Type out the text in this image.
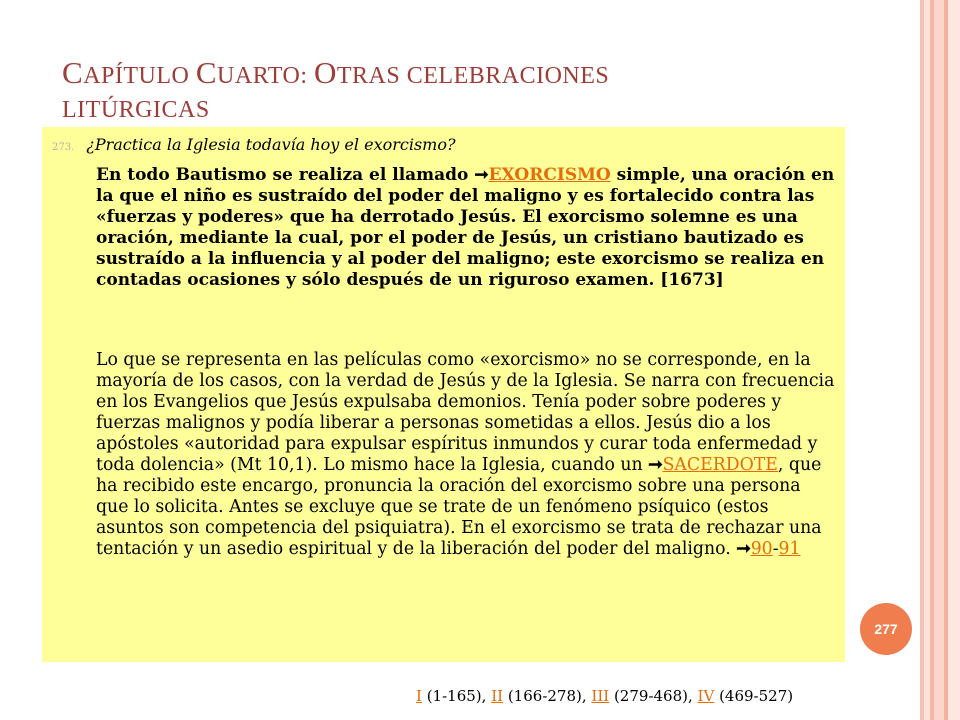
CAPÍTULO CUARTO: OTRAS CELEBRACIONES
LITÚRGICAS
273. ¿Practica la Iglesia todavía hoy el exorcismo?
En todo Bautismo se realiza el llamado ➞EXORCISMO simple, una oración en la que el niño es sustraído del poder del maligno y es fortalecido contra las «fuerzas y poderes» que ha derrotado Jesús. El exorcismo solemne es una oración, mediante la cual, por el poder de Jesús, un cristiano bautizado es sustraído a la influencia y al poder del maligno; este exorcismo se realiza en contadas ocasiones y sólo después de un riguroso examen. [1673]
Lo que se representa en las películas como «exorcismo» no se corresponde, en la mayoría de los casos, con la verdad de Jesús y de la Iglesia. Se narra con frecuencia en los Evangelios que Jesús expulsaba demonios. Tenía poder sobre poderes y fuerzas malignos y podía liberar a personas sometidas a ellos. Jesús dio a los apóstoles «autoridad para expulsar espíritus inmundos y curar toda enfermedad y toda dolencia» (Mt 10,1). Lo mismo hace la Iglesia, cuando un ➞SACERDOTE, que ha recibido este encargo, pronuncia la oración del exorcismo sobre una persona que lo solicita. Antes se excluye que se trate de un fenómeno psíquico (estos asuntos son competencia del psiquiatra). En el exorcismo se trata de rechazar una tentación y un asedio espiritual y de la liberación del poder del maligno. ➞90-91
277
I (1-165), II (166-278), III (279-468), IV (469-527)
